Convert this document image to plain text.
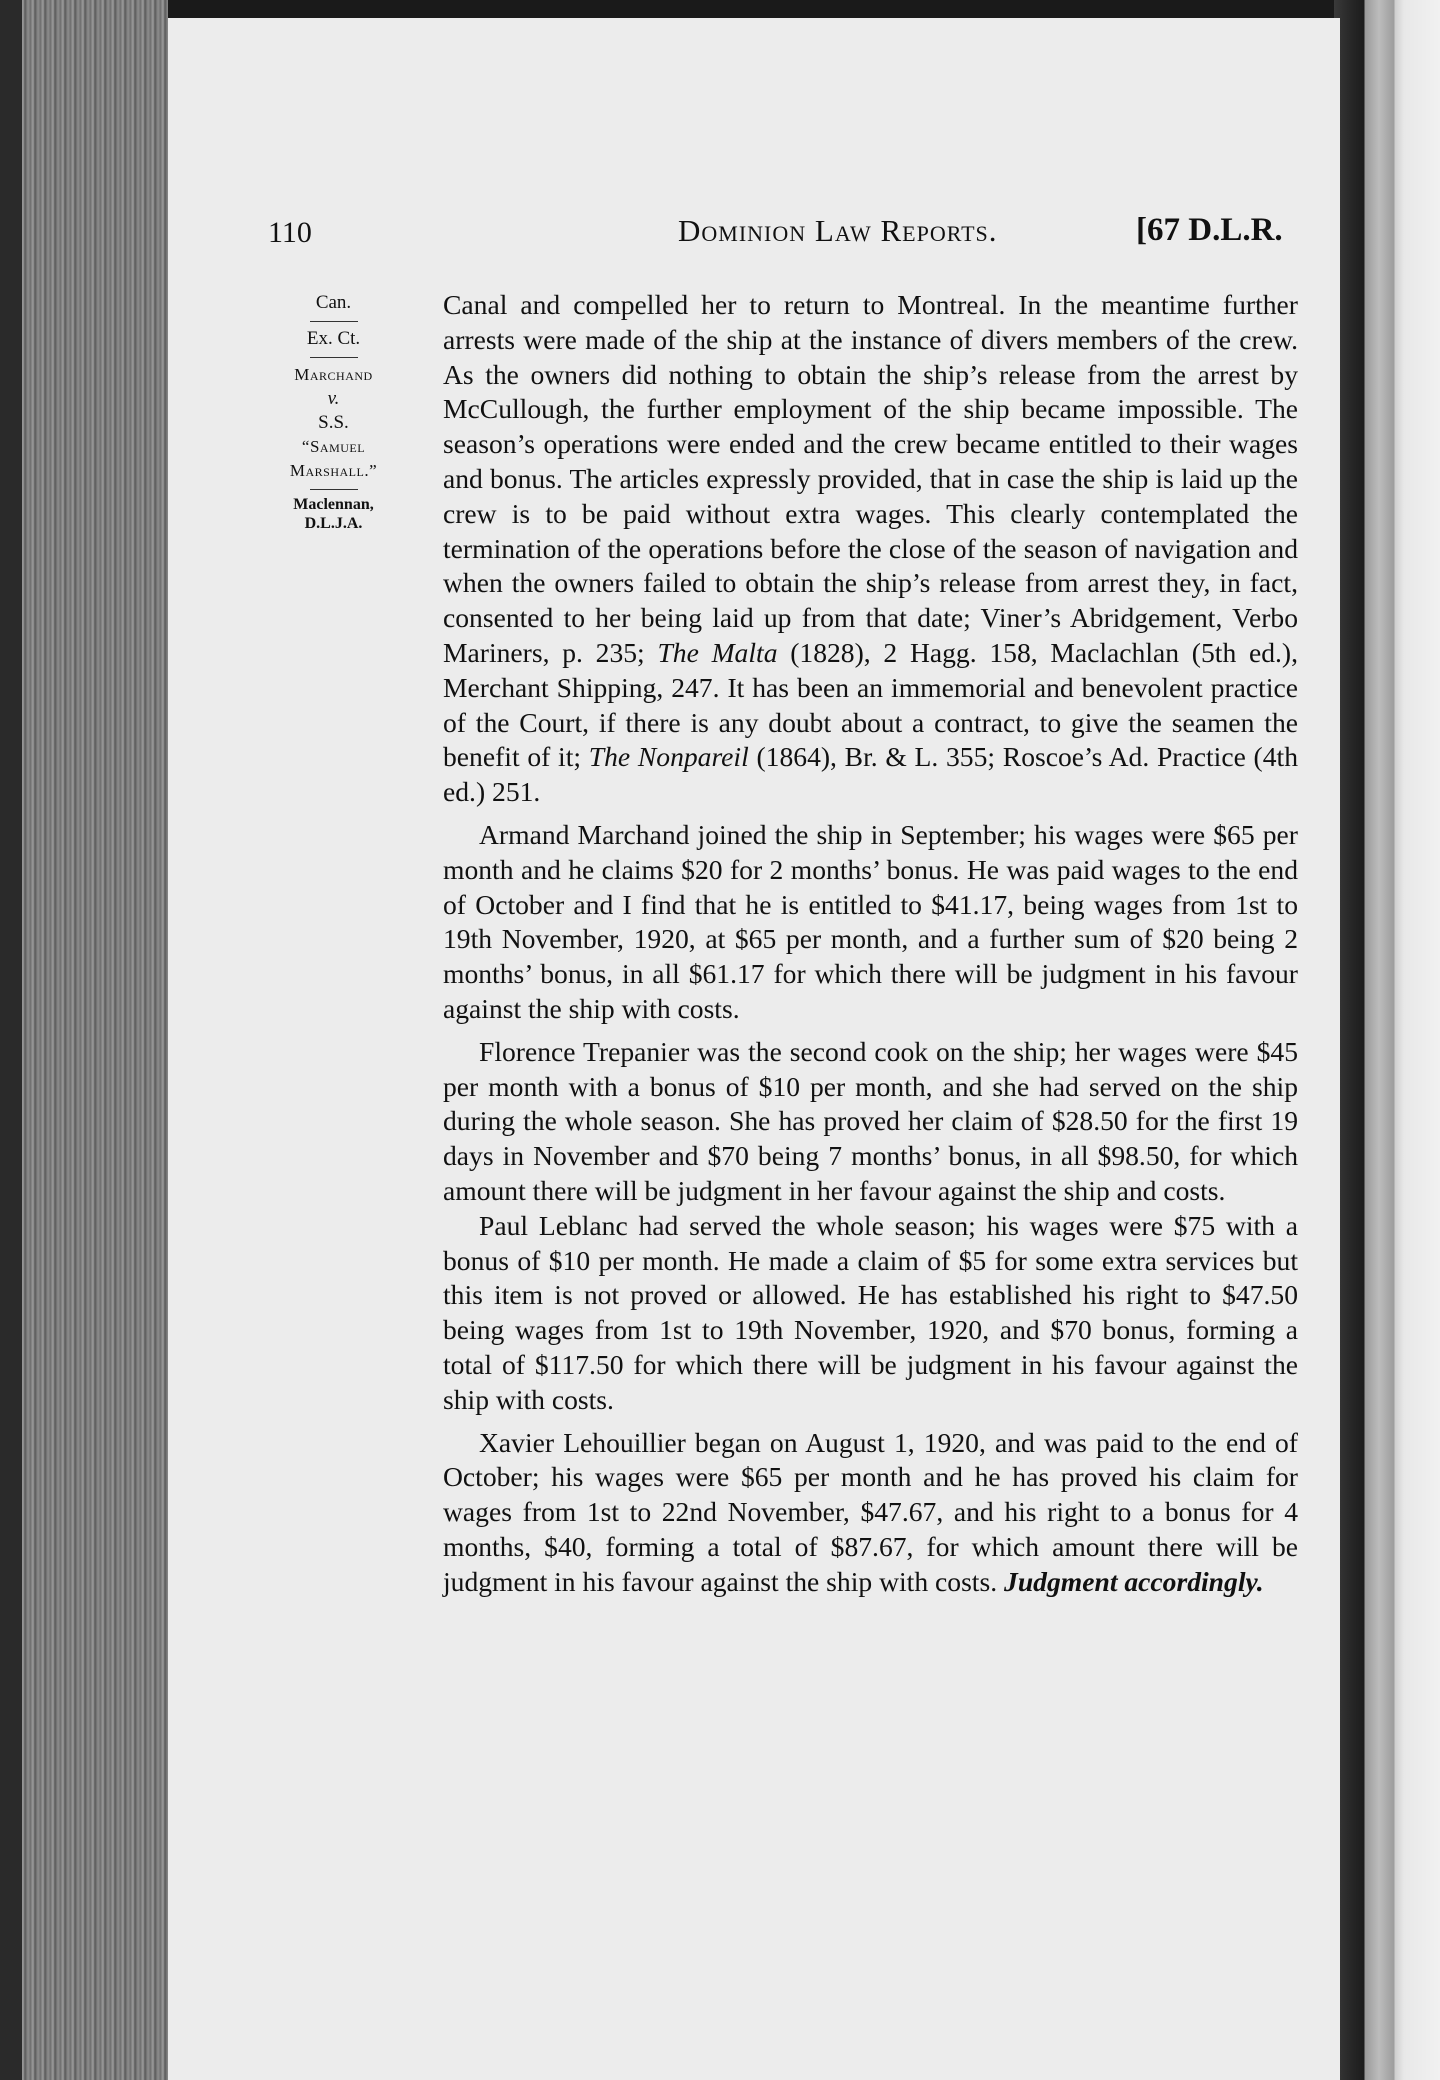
110	Dominion Law Reports.	[67 D.L.R.
Can.
Ex. Ct.
Marchand
v.
S.S.
“Samuel
Marshall.”
Maclennan,
D.L.J.A.

Canal and compelled her to return to Montreal. In the meantime further arrests were made of the ship at the instance of divers members of the crew. As the owners did nothing to obtain the ship’s release from the arrest by McCullough, the further employment of the ship became impossible. The season’s operations were ended and the crew became entitled to their wages and bonus. The articles expressly provided, that in case the ship is laid up the crew is to be paid without extra wages. This clearly contemplated the termination of the operations before the close of the season of navigation and when the owners failed to obtain the ship’s release from arrest they, in fact, consented to her being laid up from that date; Viner’s Abridgement, Verbo Mariners, p. 235; The Malta (1828), 2 Hagg. 158, Maclachlan (5th ed.), Merchant Shipping, 247. It has been an immemorial and benevolent practice of the Court, if there is any doubt about a contract, to give the seamen the benefit of it; The Nonpareil (1864), Br. & L. 355; Roscoe’s Ad. Practice (4th ed.) 251.

Armand Marchand joined the ship in September; his wages were $65 per month and he claims $20 for 2 months’ bonus. He was paid wages to the end of October and I find that he is entitled to $41.17, being wages from 1st to 19th November, 1920, at $65 per month, and a further sum of $20 being 2 months’ bonus, in all $61.17 for which there will be judgment in his favour against the ship with costs.

Florence Trepanier was the second cook on the ship; her wages were $45 per month with a bonus of $10 per month, and she had served on the ship during the whole season. She has proved her claim of $28.50 for the first 19 days in November and $70 being 7 months’ bonus, in all $98.50, for which amount there will be judgment in her favour against the ship and costs.

Paul Leblanc had served the whole season; his wages were $75 with a bonus of $10 per month. He made a claim of $5 for some extra services but this item is not proved or allowed. He has established his right to $47.50 being wages from 1st to 19th November, 1920, and $70 bonus, forming a total of $117.50 for which there will be judgment in his favour against the ship with costs.

Xavier Lehouillier began on August 1, 1920, and was paid to the end of October; his wages were $65 per month and he has proved his claim for wages from 1st to 22nd November, $47.67, and his right to a bonus for 4 months, $40, forming a total of $87.67, for which amount there will be judgment in his favour against the ship with costs. Judgment accordingly.
